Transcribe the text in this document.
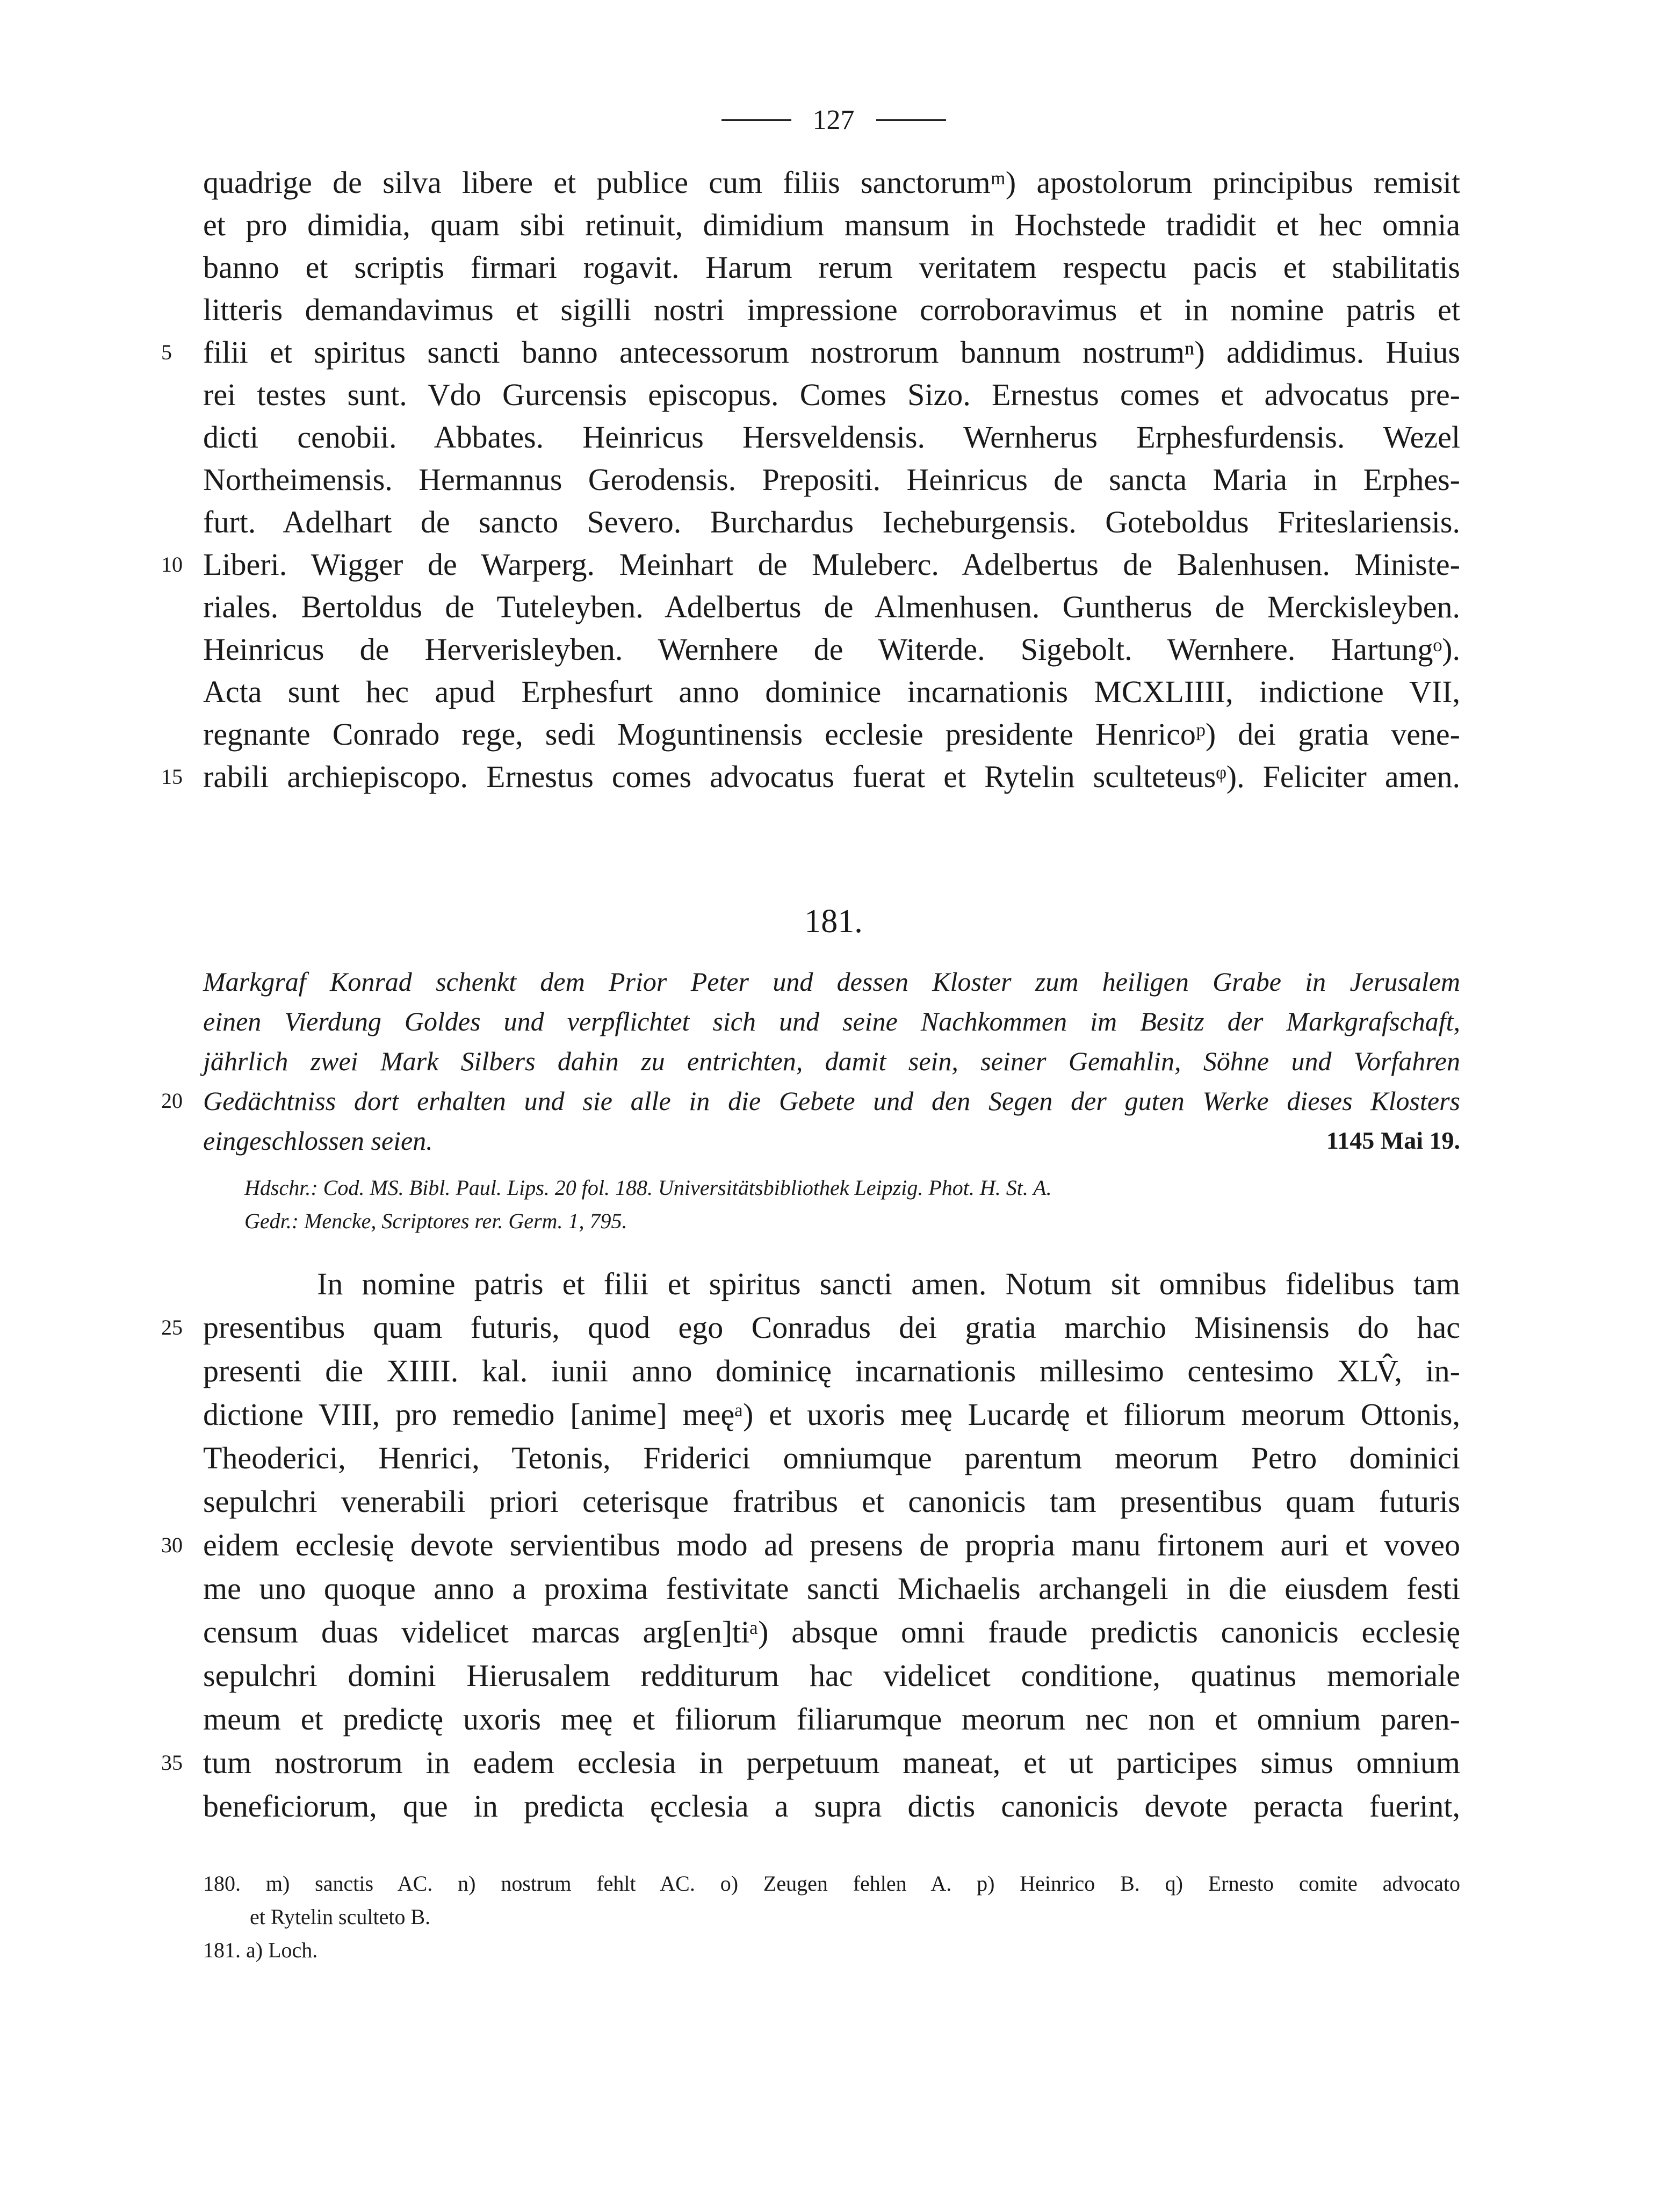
127
quadrige de silva libere et publice cum filiis sanctorumᵐ) apostolorum principibus remisit
et pro dimidia, quam sibi retinuit, dimidium mansum in Hochstede tradidit et hec omnia
banno et scriptis firmari rogavit. Harum rerum veritatem respectu pacis et stabilitatis
litteris demandavimus et sigilli nostri impressione corroboravimus et in nomine patris et
filii et spiritus sancti banno antecessorum nostrorum bannum nostrumⁿ) addidimus. Huius
5
rei testes sunt. Vdo Gurcensis episcopus. Comes Sizo. Ernestus comes et advocatus pre-
dicti cenobii. Abbates. Heinricus Hersveldensis. Wernherus Erphesfurdensis. Wezel
Northeimensis. Hermannus Gerodensis. Prepositi. Heinricus de sancta Maria in Erphes-
furt. Adelhart de sancto Severo. Burchardus Iecheburgensis. Goteboldus Friteslariensis.
Liberi. Wigger de Warperg. Meinhart de Muleberc. Adelbertus de Balenhusen. Ministe-
10
riales. Bertoldus de Tuteleyben. Adelbertus de Almenhusen. Guntherus de Merckisleyben.
Heinricus de Herverisleyben. Wernhere de Witerde. Sigebolt. Wernhere. Hartungᵒ).
Acta sunt hec apud Erphesfurt anno dominice incarnationis MCXLIIII, indictione VII,
regnante Conrado rege, sedi Moguntinensis ecclesie presidente Henricoᵖ) dei gratia vene-
rabili archiepiscopo. Ernestus comes advocatus fuerat et Rytelin sculteteusᵠ). Feliciter amen.
15
181.
Markgraf Konrad schenkt dem Prior Peter und dessen Kloster zum heiligen Grabe in Jerusalem
einen Vierdung Goldes und verpflichtet sich und seine Nachkommen im Besitz der Markgrafschaft,
jährlich zwei Mark Silbers dahin zu entrichten, damit sein, seiner Gemahlin, Söhne und Vorfahren
Gedächtniss dort erhalten und sie alle in die Gebete und den Segen der guten Werke dieses Klosters
20
eingeschlossen seien.	1145 Mai 19.
Hdschr.: Cod. MS. Bibl. Paul. Lips. 20 fol. 188. Universitätsbibliothek Leipzig. Phot. H. St. A.
Gedr.: Mencke, Scriptores rer. Germ. 1, 795.
In nomine patris et filii et spiritus sancti amen. Notum sit omnibus fidelibus tam
presentibus quam futuris, quod ego Conradus dei gratia marchio Misinensis do hac
25
presenti die XIIII. kal. iunii anno dominicę incarnationis millesimo centesimo XLV̂, in-
dictione VIII, pro remedio [anime] meęᵃ) et uxoris meę Lucardę et filiorum meorum Ottonis,
Theoderici, Henrici, Tetonis, Friderici omniumque parentum meorum Petro dominici
sepulchri venerabili priori ceterisque fratribus et canonicis tam presentibus quam futuris
eidem ecclesię devote servientibus modo ad presens de propria manu firtonem auri et voveo
30
me uno quoque anno a proxima festivitate sancti Michaelis archangeli in die eiusdem festi
censum duas videlicet marcas arg[en]tiᵃ) absque omni fraude predictis canonicis ecclesię
sepulchri domini Hierusalem redditurum hac videlicet conditione, quatinus memoriale
meum et predictę uxoris meę et filiorum filiarumque meorum nec non et omnium paren-
tum nostrorum in eadem ecclesia in perpetuum maneat, et ut participes simus omnium
35
beneficiorum, que in predicta ęcclesia a supra dictis canonicis devote peracta fuerint,
180. m) sanctis AC. n) nostrum fehlt AC. o) Zeugen fehlen A. p) Heinrico B. q) Ernesto comite advocato
et Rytelin sculteto B.
181. a) Loch.
